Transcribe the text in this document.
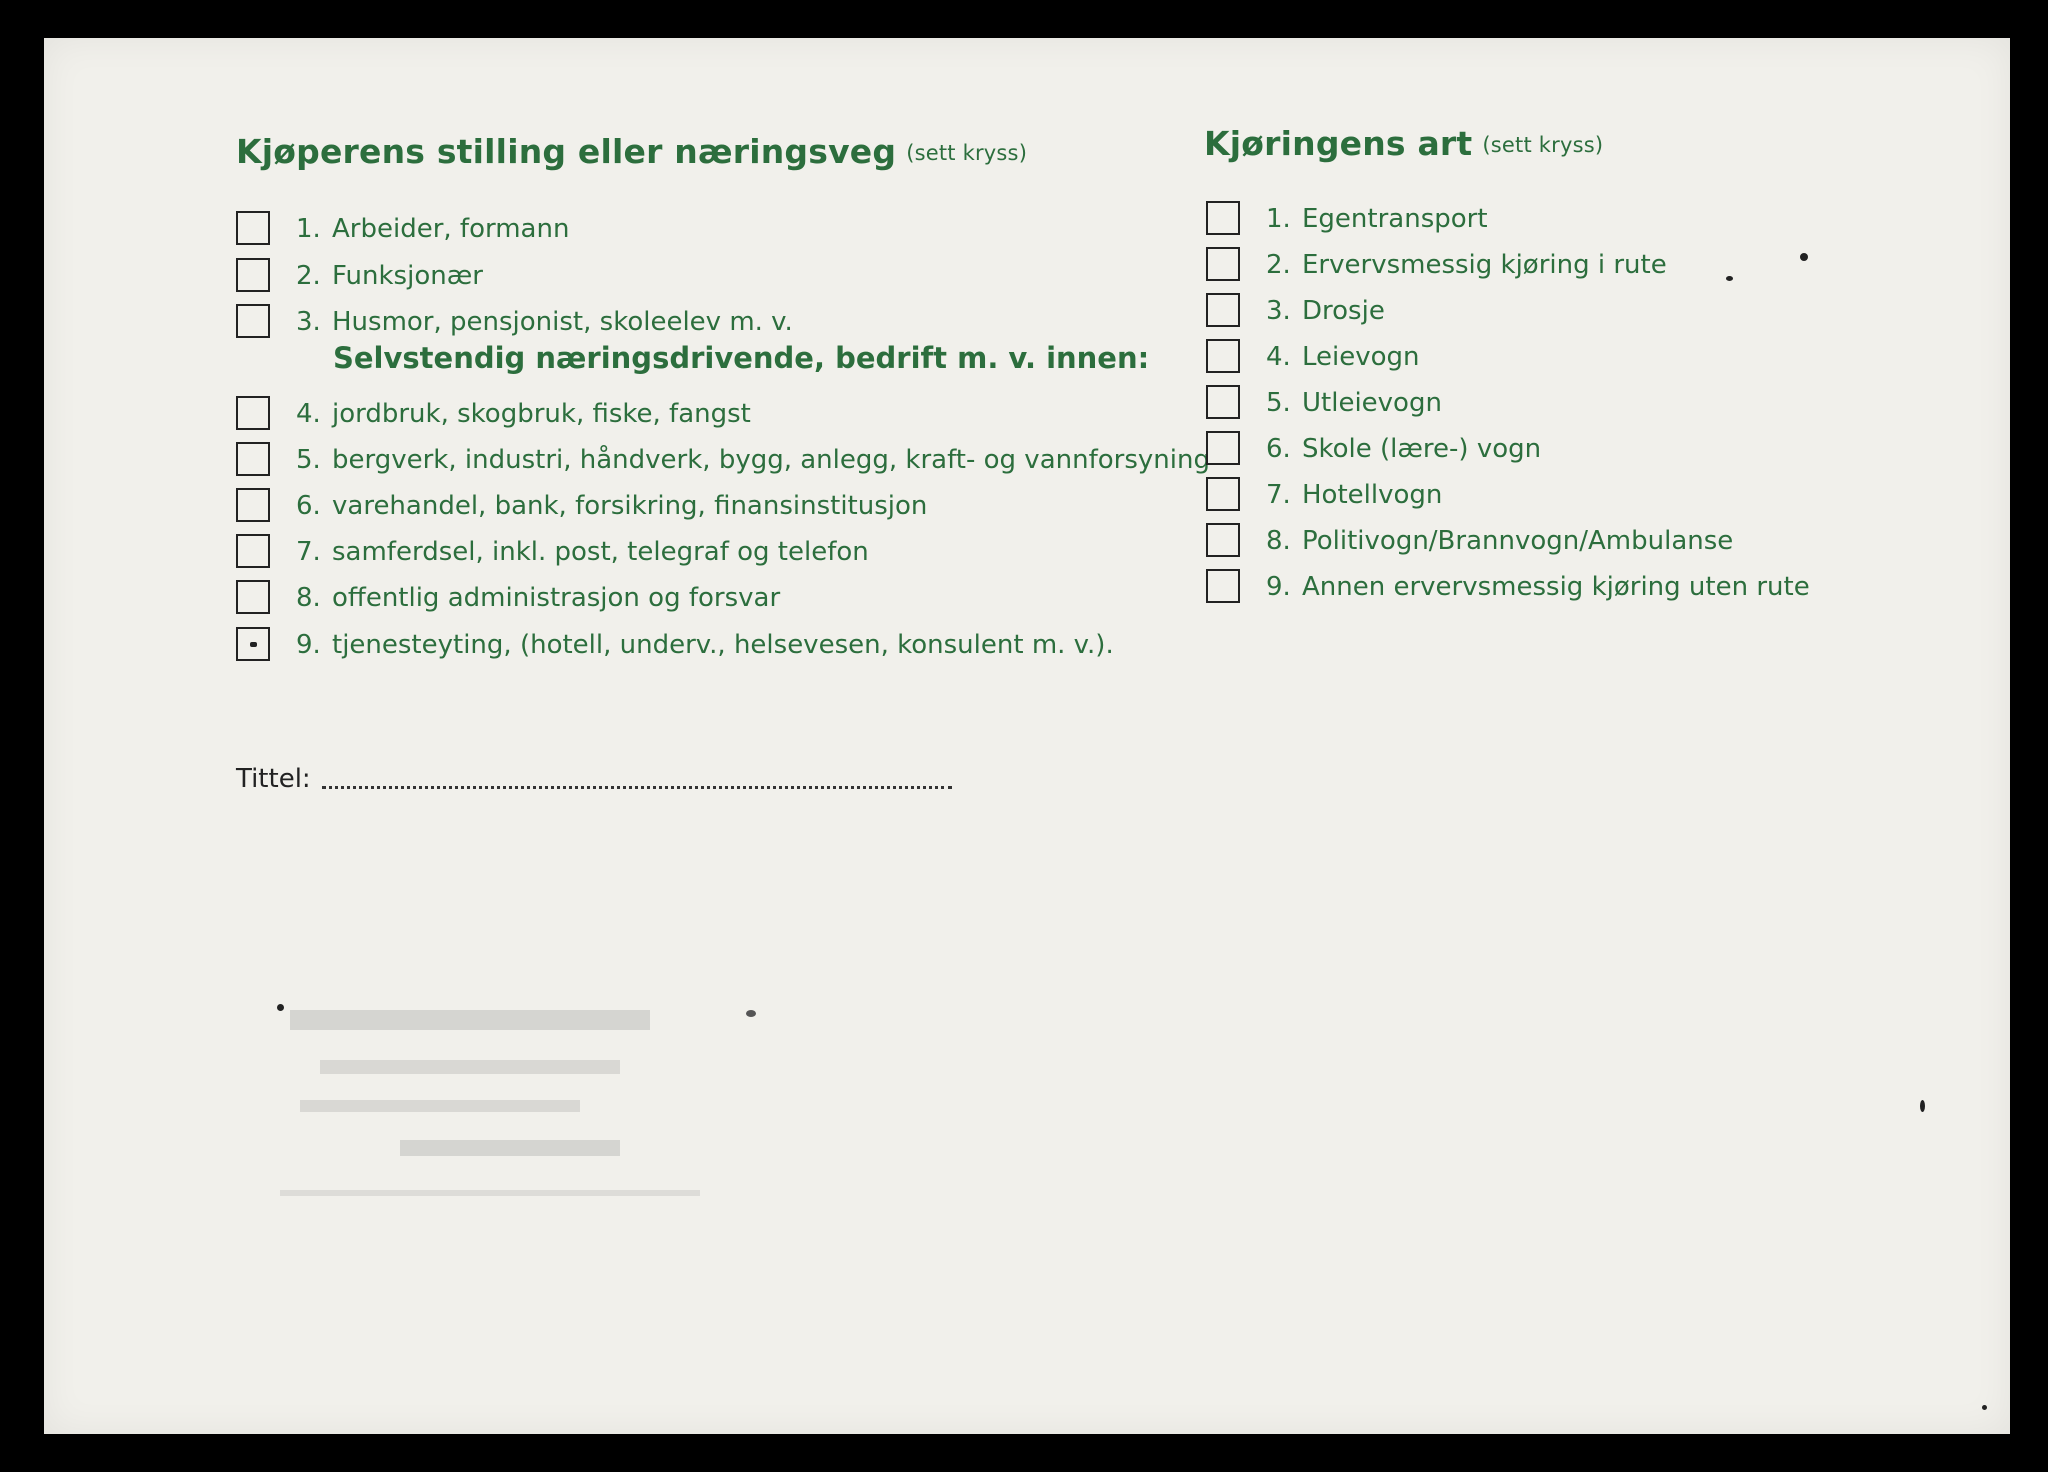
Kjøperens stilling eller næringsveg (sett kryss)
1. Arbeider, formann
2. Funksjonær
3. Husmor, pensjonist, skoleelev m. v.
Selvstendig næringsdrivende, bedrift m. v. innen:
4. jordbruk, skogbruk, fiske, fangst
5. bergverk, industri, håndverk, bygg, anlegg, kraft- og vannforsyning
6. varehandel, bank, forsikring, finansinstitusjon
7. samferdsel, inkl. post, telegraf og telefon
8. offentlig administrasjon og forsvar
9. tjenesteyting, (hotell, underv., helsevesen, konsulent m. v.).
Tittel:
Kjøringens art (sett kryss)
1. Egentransport
2. Ervervsmessig kjøring i rute
3. Drosje
4. Leievogn
5. Utleievogn
6. Skole (lære-) vogn
7. Hotellvogn
8. Politivogn/Brannvogn/Ambulanse
9. Annen ervervsmessig kjøring uten rute
